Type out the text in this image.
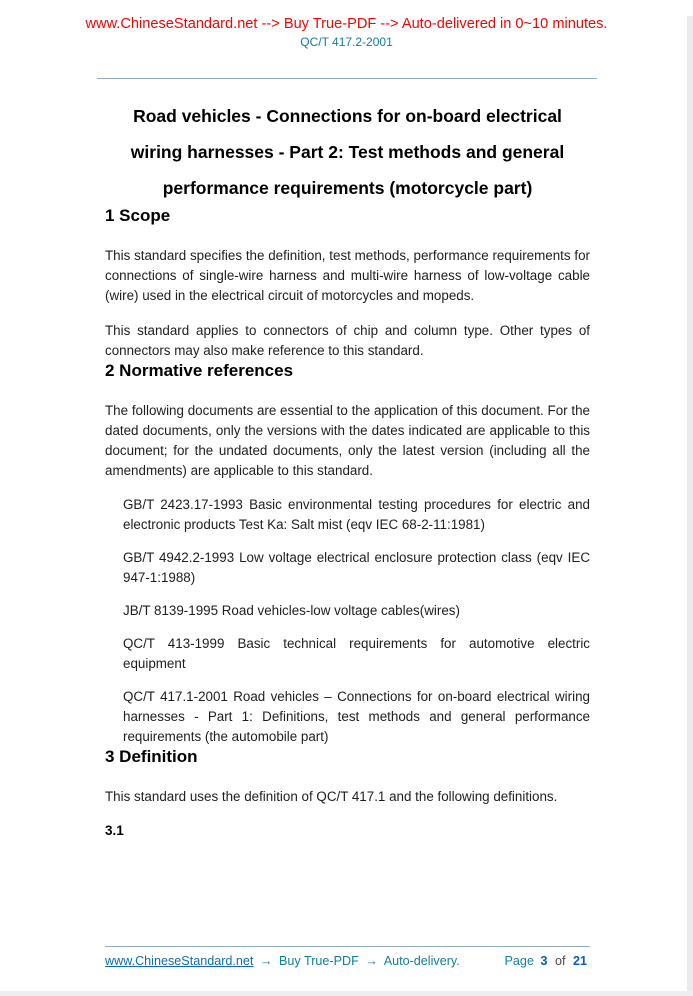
www.ChineseStandard.net --> Buy True-PDF --> Auto-delivered in 0~10 minutes.
QC/T 417.2-2001
Road vehicles - Connections for on-board electrical
wiring harnesses - Part 2: Test methods and general
performance requirements (motorcycle part)
1 Scope

This standard specifies the definition, test methods, performance requirements for connections of single-wire harness and multi-wire harness of low-voltage cable (wire) used in the electrical circuit of motorcycles and mopeds.

This standard applies to connectors of chip and column type. Other types of connectors may also make reference to this standard.

2 Normative references

The following documents are essential to the application of this document. For the dated documents, only the versions with the dates indicated are applicable to this document; for the undated documents, only the latest version (including all the amendments) are applicable to this standard.

GB/T 2423.17-1993 Basic environmental testing procedures for electric and electronic products Test Ka: Salt mist (eqv IEC 68-2-11:1981)

GB/T 4942.2-1993 Low voltage electrical enclosure protection class (eqv IEC 947-1:1988)

JB/T 8139-1995 Road vehicles-low voltage cables(wires)

QC/T 413-1999 Basic technical requirements for automotive electric equipment

QC/T 417.1-2001 Road vehicles – Connections for on-board electrical wiring harnesses - Part 1: Definitions, test methods and general performance requirements (the automobile part)

3 Definition

This standard uses the definition of QC/T 417.1 and the following definitions.

3.1
www.ChineseStandard.net → Buy True-PDF → Auto-delivery.	Page 3 of 21
